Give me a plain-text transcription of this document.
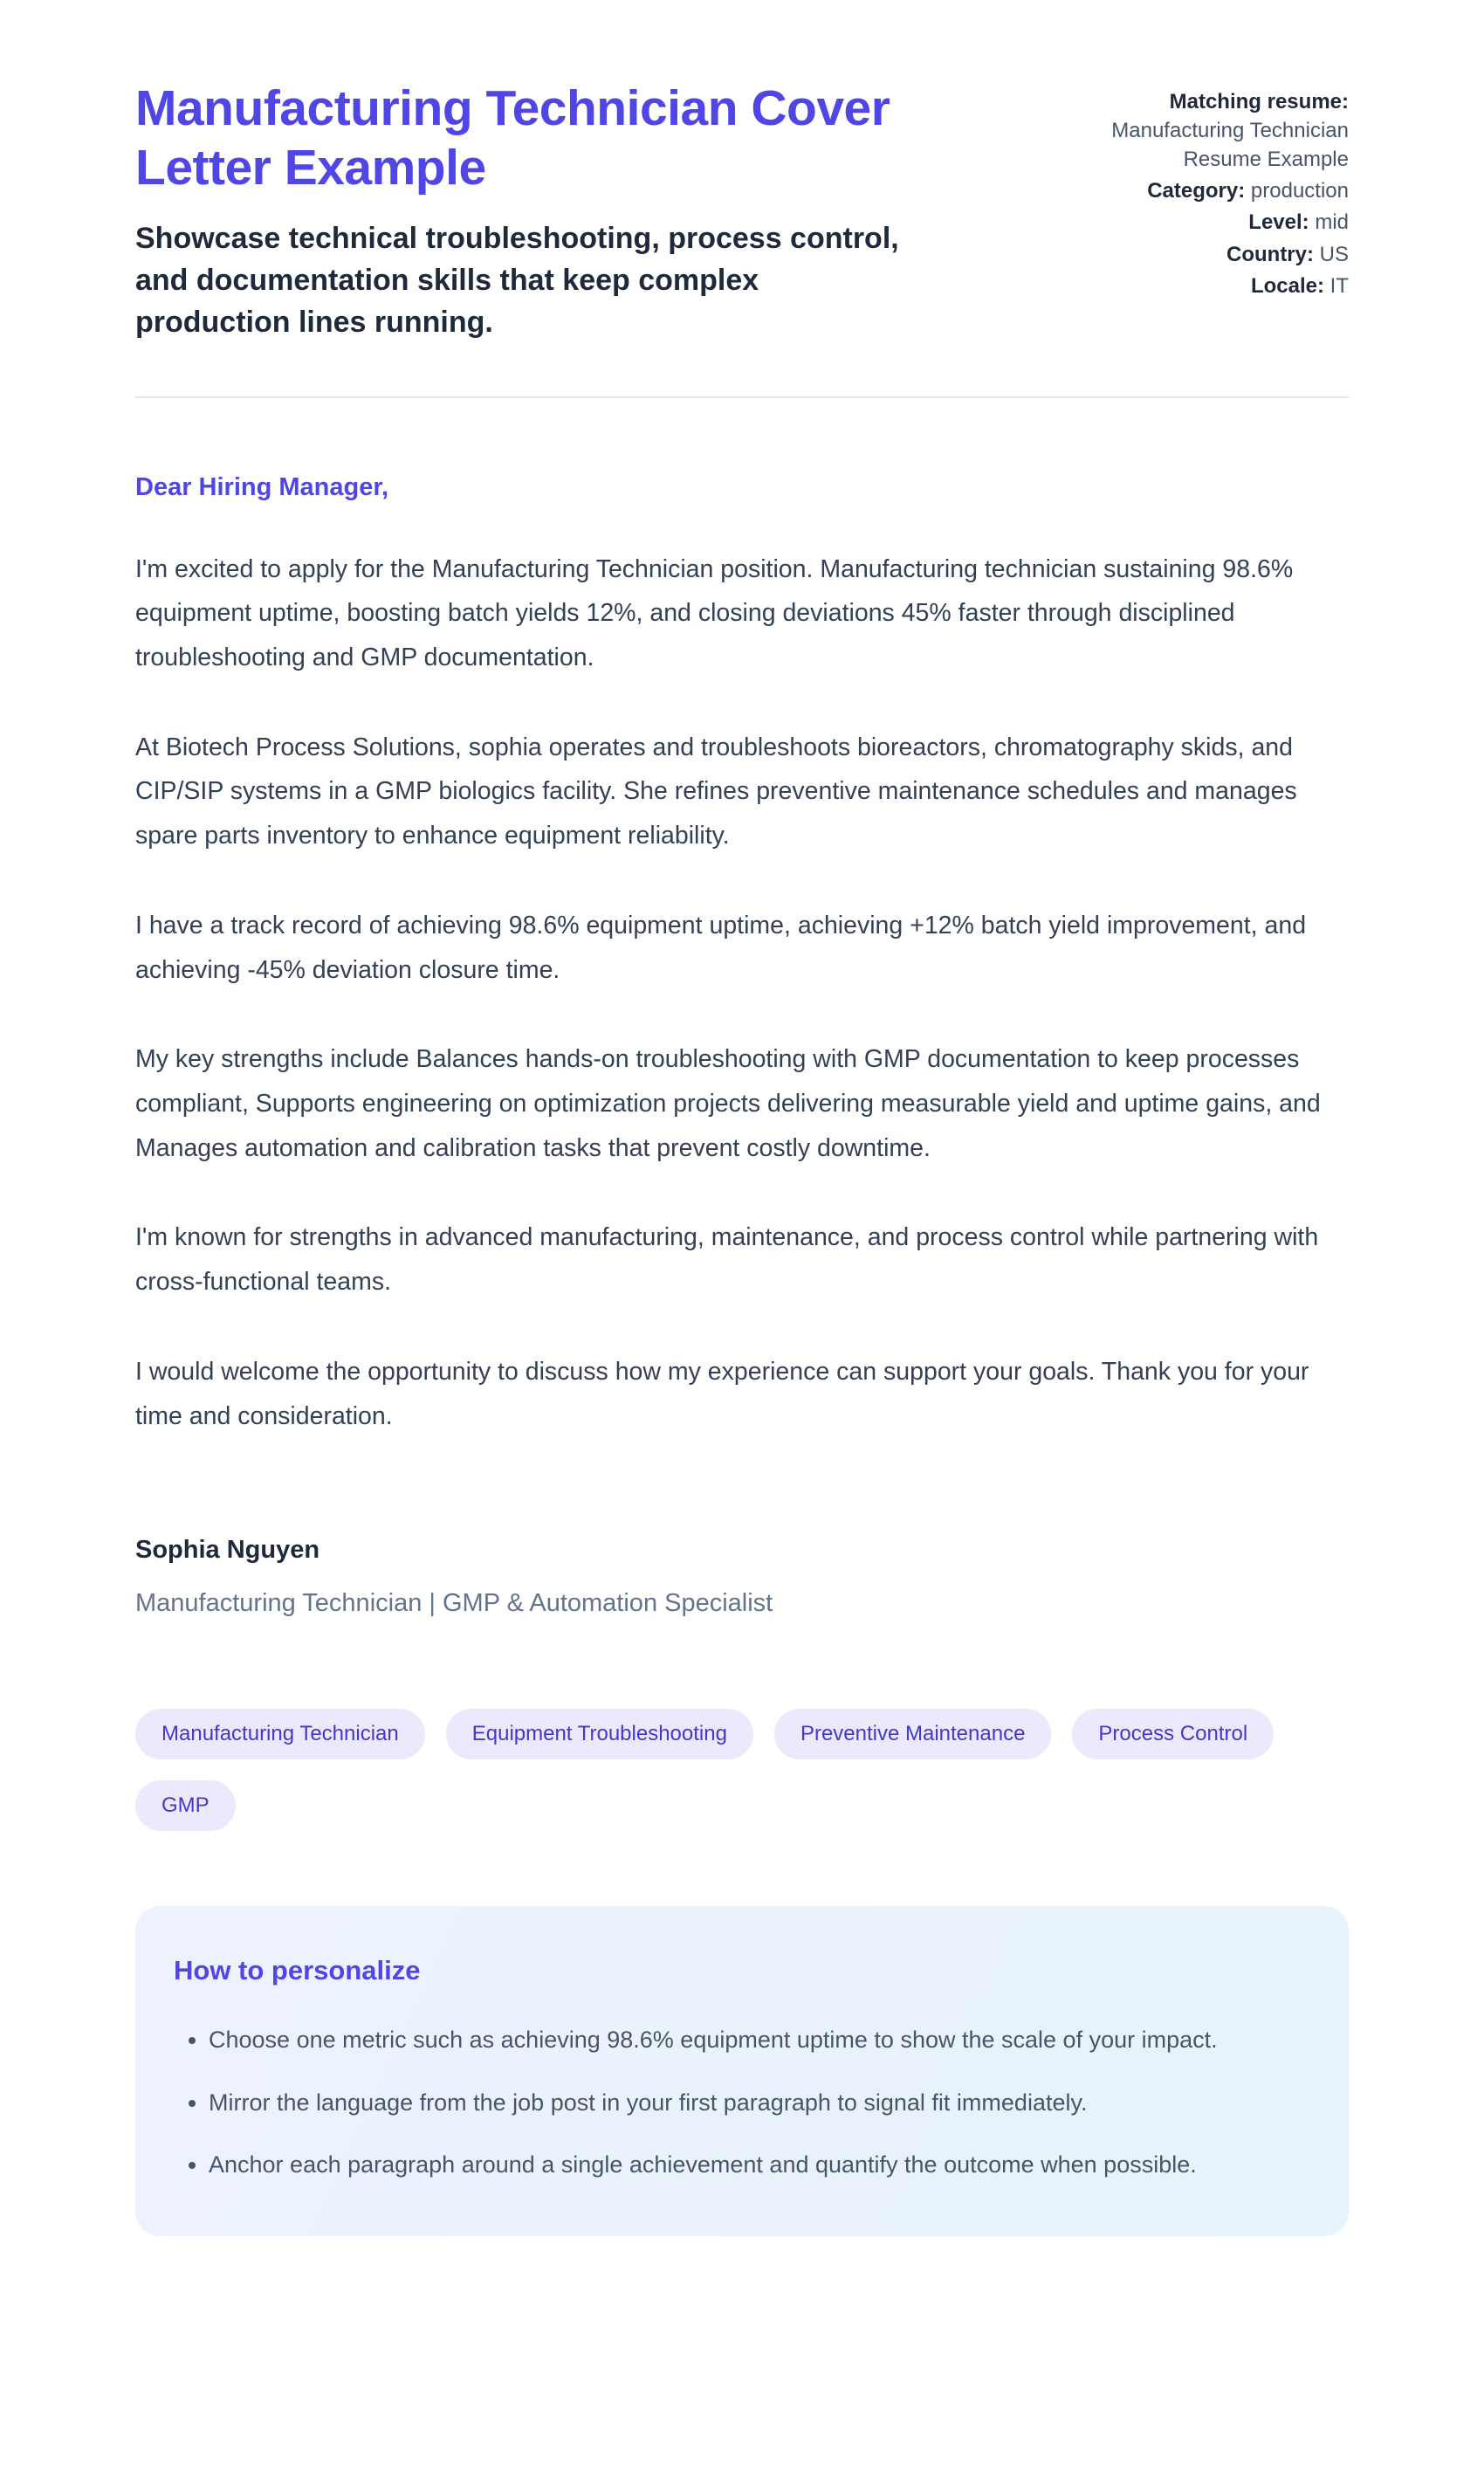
Manufacturing Technician Cover Letter Example
Showcase technical troubleshooting, process control, and documentation skills that keep complex production lines running.
Matching resume: Manufacturing Technician Resume Example
Category: production
Level: mid
Country: US
Locale: IT

Dear Hiring Manager,

I'm excited to apply for the Manufacturing Technician position. Manufacturing technician sustaining 98.6% equipment uptime, boosting batch yields 12%, and closing deviations 45% faster through disciplined troubleshooting and GMP documentation.

At Biotech Process Solutions, sophia operates and troubleshoots bioreactors, chromatography skids, and CIP/SIP systems in a GMP biologics facility. She refines preventive maintenance schedules and manages spare parts inventory to enhance equipment reliability.

I have a track record of achieving 98.6% equipment uptime, achieving +12% batch yield improvement, and achieving -45% deviation closure time.

My key strengths include Balances hands-on troubleshooting with GMP documentation to keep processes compliant, Supports engineering on optimization projects delivering measurable yield and uptime gains, and Manages automation and calibration tasks that prevent costly downtime.

I'm known for strengths in advanced manufacturing, maintenance, and process control while partnering with cross-functional teams.

I would welcome the opportunity to discuss how my experience can support your goals. Thank you for your time and consideration.

Sophia Nguyen

Manufacturing Technician | GMP & Automation Specialist

Manufacturing Technician	Equipment Troubleshooting	Preventive Maintenance	Process Control
GMP
How to personalize
• Choose one metric such as achieving 98.6% equipment uptime to show the scale of your impact.
• Mirror the language from the job post in your first paragraph to signal fit immediately.
• Anchor each paragraph around a single achievement and quantify the outcome when possible.
